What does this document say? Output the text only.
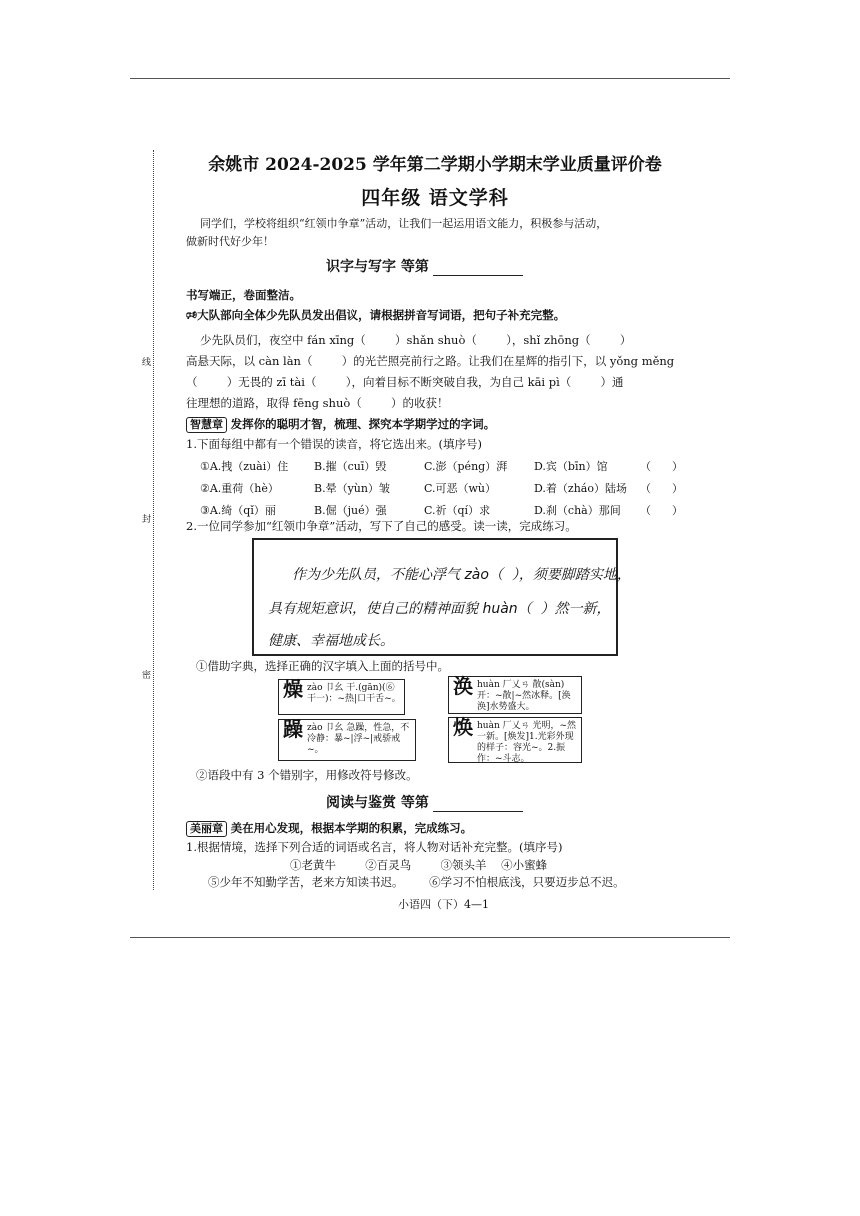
线
封
密
余姚市 2024-2025 学年第二学期小学期末学业质量评价卷
四年级 语文学科
同学们，学校将组织“红领巾争章”活动，让我们一起运用语文能力，积极参与活动，
做新时代好少年！
识字与写字 等第
书写端正，卷面整洁。
🕫大队部向全体少先队员发出倡议，请根据拼音写词语，把句子补充完整。
少先队员们，夜空中 fán xīng（        ）shǎn shuò（        ），shǐ zhōng（        ）
高悬天际，以 càn làn（        ）的光芒照亮前行之路。让我们在星辉的指引下，以 yǒng měng
（        ）无畏的 zī tài（        ），向着目标不断突破自我，为自己 kāi pì（        ）通
往理想的道路，取得 fēng shuò（        ）的收获！
智慧章 发挥你的聪明才智，梳理、探究本学期学过的字词。
1.下面每组中都有一个错误的读音，将它选出来。(填序号)
①A.拽（zuài）住 B.摧（cuī）毁	C.澎（péng）湃 D.宾（bīn）馆	（      ）
②A.重荷（hè）	B.晕（yùn）皱	C.可恶（wù）	D.着（zháo）陆场 （      ）
③A.绮（qǐ）丽	B.倔（jué）强	C.祈（qí）求	D.刹（chà）那间 （      ）
2.一位同学参加“红领巾争章”活动，写下了自己的感受。读一读，完成练习。
作为少先队员，不能心浮气 zào（  ），须要脚踏实地，
具有规矩意识，使自己的精神面貌 huàn（  ）然一新，
健康、幸福地成长。
①借助字典，选择正确的汉字填入上面的括号中。
燥 zào 卩幺 干.(gān)(⑥干一)：~热|口干舌~。
涣 huàn 厂乂ㄢ 散(sàn)开：~散|~然冰释。[涣涣]水势盛大。
躁 zào 卩幺 急躁，性急，不冷静：暴~|浮~|戒骄戒~。
焕 huàn 厂乂ㄢ 光明，~然一新。[焕发]1.光彩外现的样子：容光~。2.振作：~斗志。
②语段中有 3 个错别字，用修改符号修改。
阅读与鉴赏 等第
美丽章 美在用心发现，根据本学期的积累，完成练习。
1.根据情境，选择下列合适的词语或名言，将人物对话补充完整。(填序号)
①老黄牛        ②百灵鸟        ③领头羊    ④小蜜蜂
⑤少年不知勤学苦，老来方知读书迟。       ⑥学习不怕根底浅，只要迈步总不迟。
小语四（下）4—1
